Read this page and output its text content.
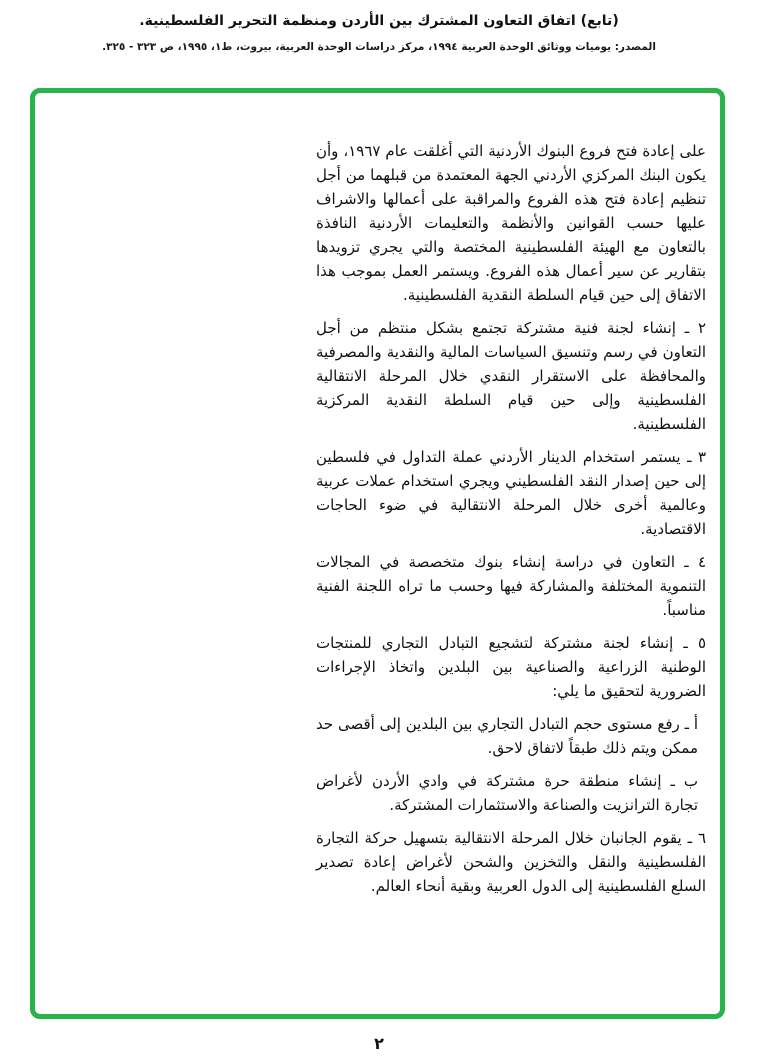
(تابع) اتفاق التعاون المشترك بين الأردن ومنظمة التحرير الفلسطينية.
المصدر: يوميات ووثائق الوحدة العربية ١٩٩٤، مركز دراسات الوحدة العربية، بيروت، ط١، ١٩٩٥، ص ٣٢٣ - ٣٢٥.

على إعادة فتح فروع البنوك الأردنية التي أغلقت عام ١٩٦٧، وأن يكون البنك المركزي الأردني الجهة المعتمدة من قبلهما من أجل تنظيم إعادة فتح هذه الفروع والمراقبة على أعمالها والاشراف عليها حسب القوانين والأنظمة والتعليمات الأردنية النافذة بالتعاون مع الهيئة الفلسطينية المختصة والتي يجري تزويدها بتقارير عن سير أعمال هذه الفروع. ويستمر العمل بموجب هذا الاتفاق إلى حين قيام السلطة النقدية الفلسطينية.

٢ ـ إنشاء لجنة فنية مشتركة تجتمع بشكل منتظم من أجل التعاون في رسم وتنسيق السياسات المالية والنقدية والمصرفية والمحافظة على الاستقرار النقدي خلال المرحلة الانتقالية الفلسطينية وإلى حين قيام السلطة النقدية المركزية الفلسطينية.

٣ ـ يستمر استخدام الدينار الأردني عملة التداول في فلسطين إلى حين إصدار النقد الفلسطيني ويجري استخدام عملات عربية وعالمية أخرى خلال المرحلة الانتقالية في ضوء الحاجات الاقتصادية.

٤ ـ التعاون في دراسة إنشاء بنوك متخصصة في المجالات التنموية المختلفة والمشاركة فيها وحسب ما تراه اللجنة الفنية مناسباً.

٥ ـ إنشاء لجنة مشتركة لتشجيع التبادل التجاري للمنتجات الوطنية الزراعية والصناعية بين البلدين واتخاذ الإجراءات الضرورية لتحقيق ما يلي:

أ ـ رفع مستوى حجم التبادل التجاري بين البلدين إلى أقصى حد ممكن ويتم ذلك طبقاً لاتفاق لاحق.

ب ـ إنشاء منطقة حرة مشتركة في وادي الأردن لأغراض تجارة الترانزيت والصناعة والاستثمارات المشتركة.

٦ ـ يقوم الجانبان خلال المرحلة الانتقالية بتسهيل حركة التجارة الفلسطينية والنقل والتخزين والشحن لأغراض إعادة تصدير السلع الفلسطينية إلى الدول العربية وبقية أنحاء العالم.

٢
